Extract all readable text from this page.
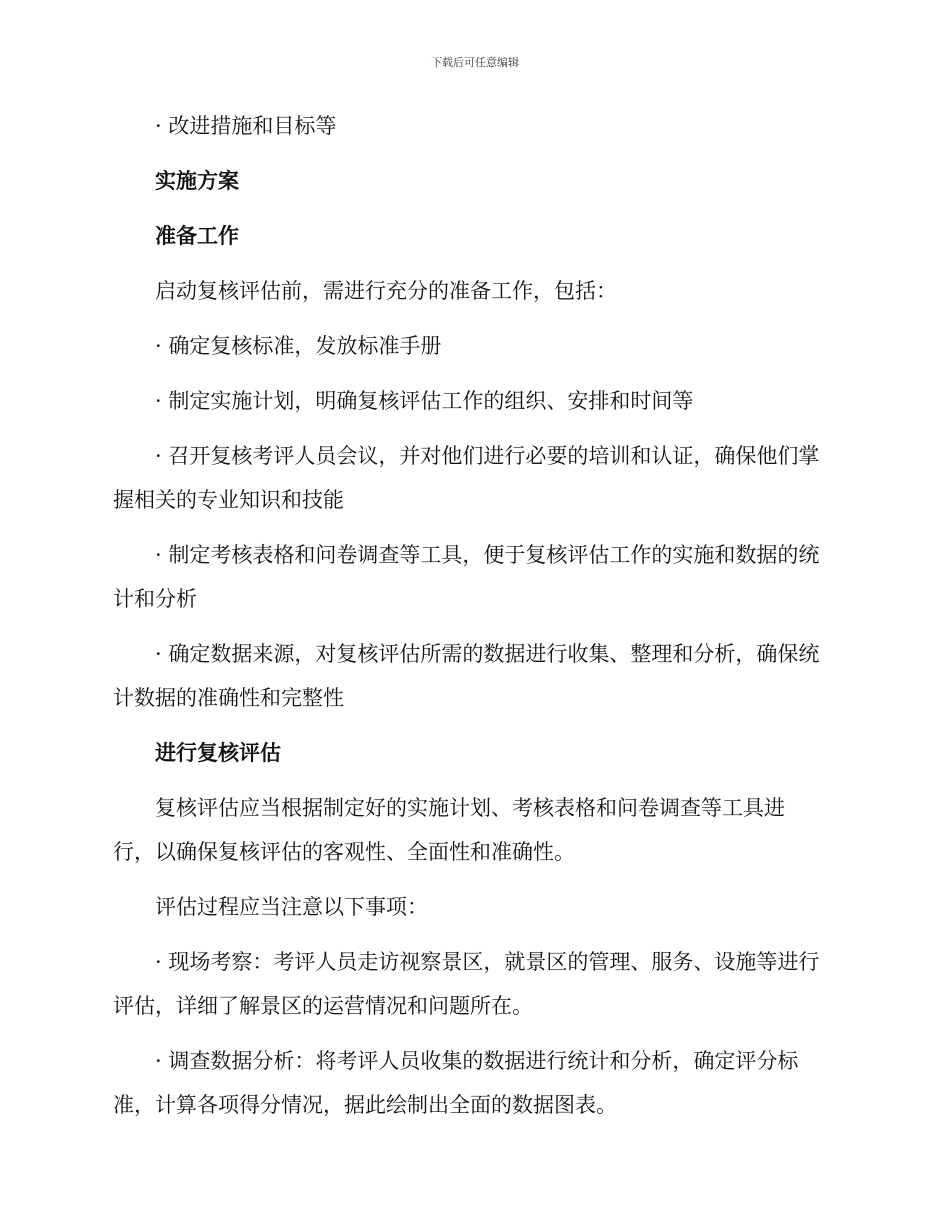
下载后可任意编辑

· 改进措施和目标等

实施方案

准备工作

启动复核评估前，需进行充分的准备工作，包括：

· 确定复核标准，发放标准手册

· 制定实施计划，明确复核评估工作的组织、安排和时间等

· 召开复核考评人员会议，并对他们进行必要的培训和认证，确保他们掌握相关的专业知识和技能

· 制定考核表格和问卷调查等工具，便于复核评估工作的实施和数据的统计和分析

· 确定数据来源，对复核评估所需的数据进行收集、整理和分析，确保统计数据的准确性和完整性

进行复核评估

复核评估应当根据制定好的实施计划、考核表格和问卷调查等工具进行，以确保复核评估的客观性、全面性和准确性。

评估过程应当注意以下事项：

· 现场考察：考评人员走访视察景区，就景区的管理、服务、设施等进行评估，详细了解景区的运营情况和问题所在。

· 调查数据分析：将考评人员收集的数据进行统计和分析，确定评分标准，计算各项得分情况，据此绘制出全面的数据图表。
